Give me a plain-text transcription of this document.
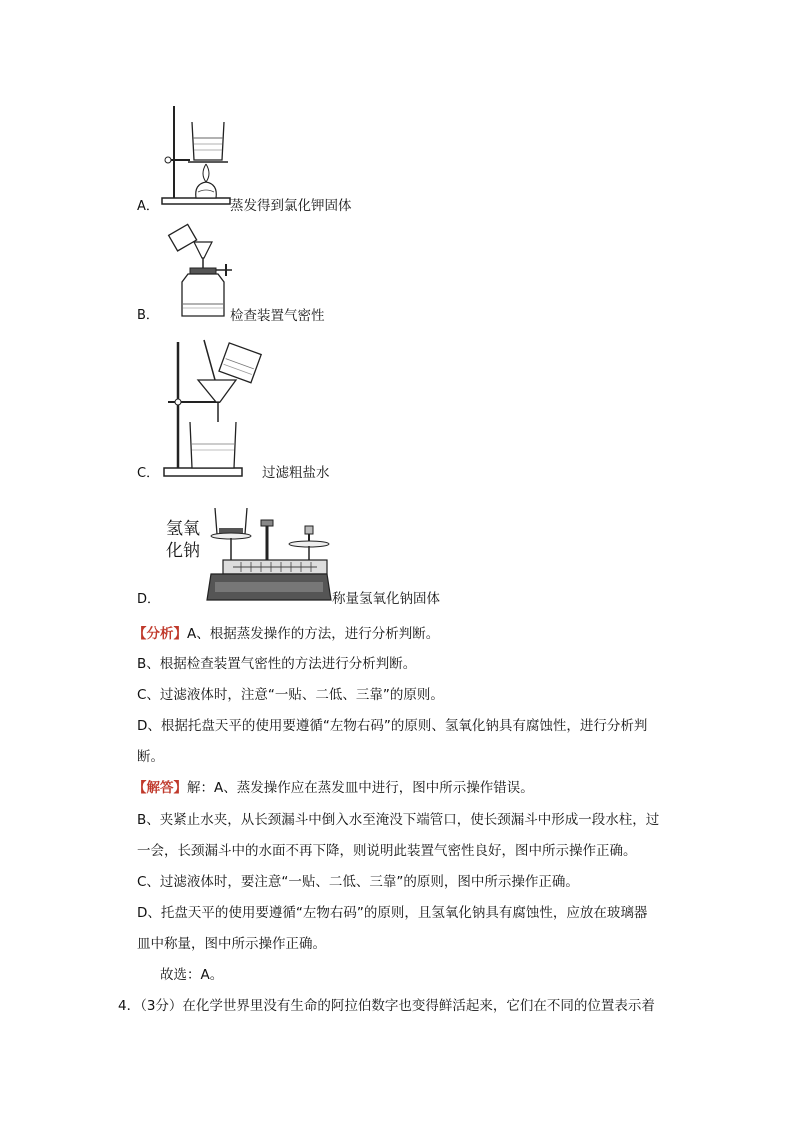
A．	蒸发得到氯化钾固体
B．	检查装置气密性
C．	过滤粗盐水
氢氧
化钠
D．	称量氢氧化钠固体
【分析】A、根据蒸发操作的方法，进行分析判断。
B、根据检查装置气密性的方法进行分析判断。
C、过滤液体时，注意“一贴、二低、三靠”的原则。
D、根据托盘天平的使用要遵循“左物右码”的原则、氢氧化钠具有腐蚀性，进行分析判
断。
【解答】解：A、蒸发操作应在蒸发皿中进行，图中所示操作错误。
B、夹紧止水夹，从长颈漏斗中倒入水至淹没下端管口，使长颈漏斗中形成一段水柱，过
一会，长颈漏斗中的水面不再下降，则说明此装置气密性良好，图中所示操作正确。
C、过滤液体时，要注意“一贴、二低、三靠”的原则，图中所示操作正确。
D、托盘天平的使用要遵循“左物右码”的原则，且氢氧化钠具有腐蚀性，应放在玻璃器
皿中称量，图中所示操作正确。
故选：A。
4．（3分）在化学世界里没有生命的阿拉伯数字也变得鲜活起来，它们在不同的位置表示着
